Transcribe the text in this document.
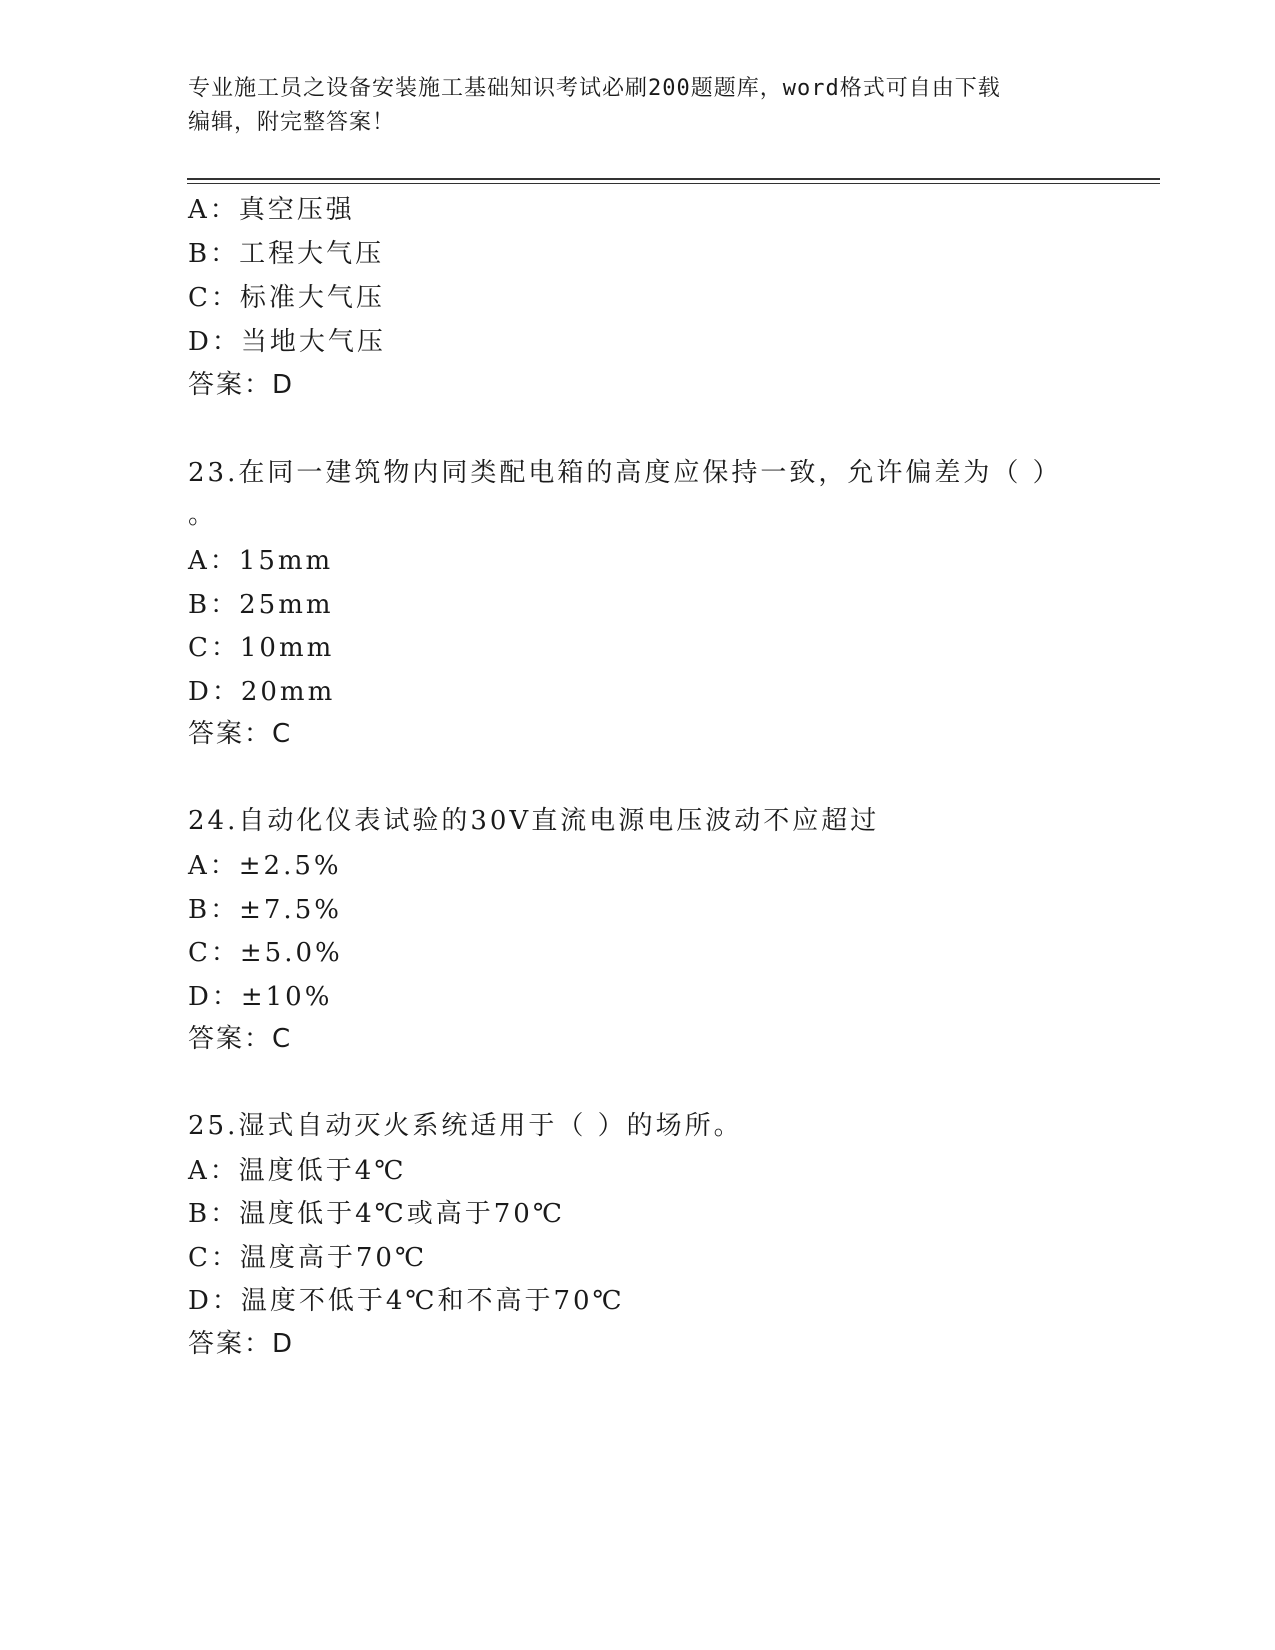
专业施工员之设备安装施工基础知识考试必刷200题题库，word格式可自由下载
编辑，附完整答案！
A：真空压强
B：工程大气压
C：标准大气压
D：当地大气压
答案：D
23.在同一建筑物内同类配电箱的高度应保持一致，允许偏差为（ ）
。
A：15mm
B：25mm
C：10mm
D：20mm
答案：C
24.自动化仪表试验的30V直流电源电压波动不应超过
A：±2.5%
B：±7.5%
C：±5.0%
D：±10%
答案：C
25.湿式自动灭火系统适用于（ ）的场所。
A：温度低于4℃
B：温度低于4℃或高于70℃
C：温度高于70℃
D：温度不低于4℃和不高于70℃
答案：D
